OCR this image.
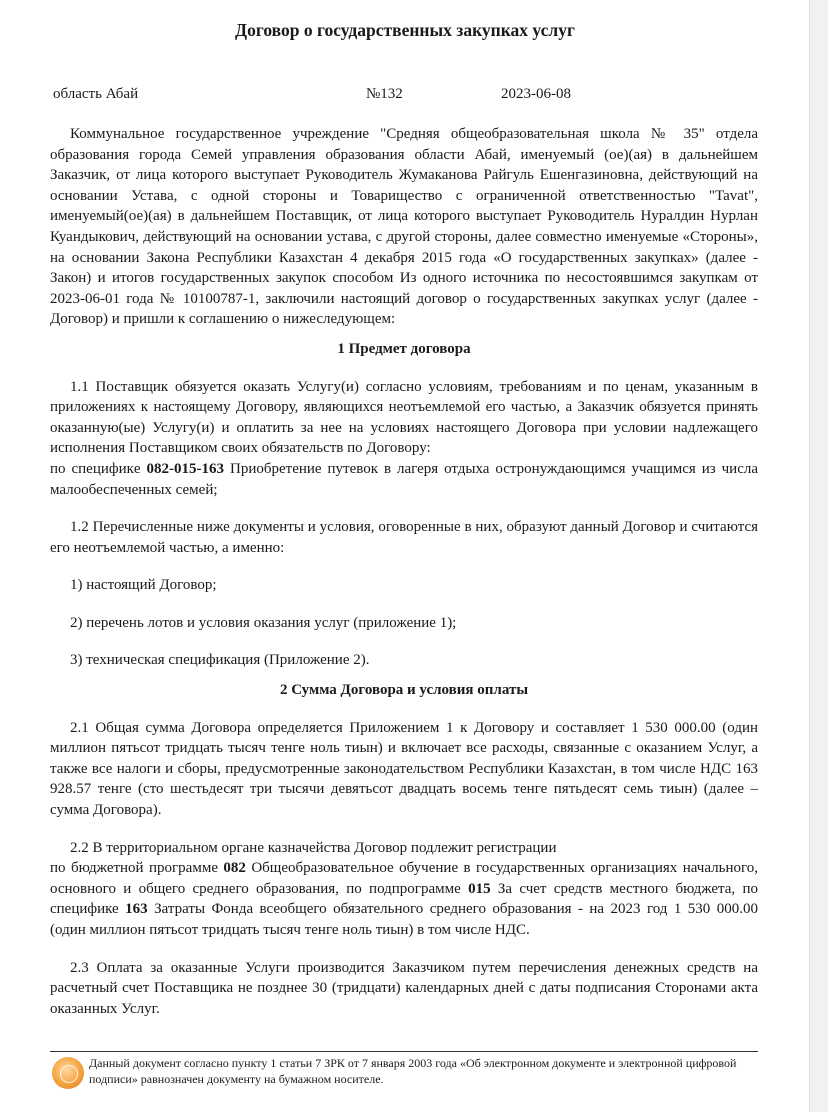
Договор о государственных закупках услуг
область Абай	№132	2023-06-08

Коммунальное государственное учреждение "Средняя общеобразовательная школа № 35" отдела образования города Семей управления образования области Абай, именуемый (ое)(ая) в дальнейшем Заказчик, от лица которого выступает Руководитель Жумаканова Райгуль Ешенгазиновна, действующий на основании Устава, с одной стороны и Товарищество с ограниченной ответственностью "Tavat", именуемый(ое)(ая) в дальнейшем Поставщик, от лица которого выступает Руководитель Нуралдин Нурлан Куандыкович, действующий на основании устава, с другой стороны, далее совместно именуемые «Стороны», на основании Закона Республики Казахстан 4 декабря 2015 года «О государственных закупках» (далее - Закон) и итогов государственных закупок способом Из одного источника по несостоявшимся закупкам от 2023-06-01 года № 10100787-1, заключили настоящий договор о государственных закупках услуг (далее - Договор) и пришли к соглашению о нижеследующем:

1 Предмет договора

1.1 Поставщик обязуется оказать Услугу(и) согласно условиям, требованиям и по ценам, указанным в приложениях к настоящему Договору, являющихся неотъемлемой его частью, а Заказчик обязуется принять оказанную(ые) Услугу(и) и оплатить за нее на условиях настоящего Договора при условии надлежащего исполнения Поставщиком своих обязательств по Договору:

по спецификe 082-015-163 Приобретение путевок в лагеря отдыха остронуждающимся учащимся из числа малообеспеченных семей;

1.2 Перечисленные ниже документы и условия, оговоренные в них, образуют данный Договор и считаются его неотъемлемой частью, а именно:

1) настоящий Договор;

2) перечень лотов и условия оказания услуг (приложение 1);

3) техническая спецификация (Приложение 2).

2 Сумма Договора и условия оплаты

2.1 Общая сумма Договора определяется Приложением 1 к Договору и составляет 1 530 000.00 (один миллион пятьсот тридцать тысяч тенге ноль тиын) и включает все расходы, связанные с оказанием Услуг, а также все налоги и сборы, предусмотренные законодательством Республики Казахстан, в том числе НДС 163 928.57 тенге (сто шестьдесят три тысячи девятьсот двадцать восемь тенге пятьдесят семь тиын) (далее – сумма Договора).

2.2 В территориальном органе казначейства Договор подлежит регистрации

по бюджетной программе 082 Общеобразовательное обучение в государственных организациях начального, основного и общего среднего образования, по подпрограмме 015 За счет средств местного бюджета, по специфике 163 Затраты Фонда всеобщего обязательного среднего образования - на 2023 год 1 530 000.00 (один миллион пятьсот тридцать тысяч тенге ноль тиын) в том числе НДС.

2.3 Оплата за оказанные Услуги производится Заказчиком путем перечисления денежных средств на расчетный счет Поставщика не позднее 30 (тридцати) календарных дней с даты подписания Сторонами акта оказанных Услуг.

Данный документ согласно пункту 1 статьи 7 ЗРК от 7 января 2003 года «Об электронном документе и электронной цифровой подписи» равнозначен документу на бумажном носителе.
